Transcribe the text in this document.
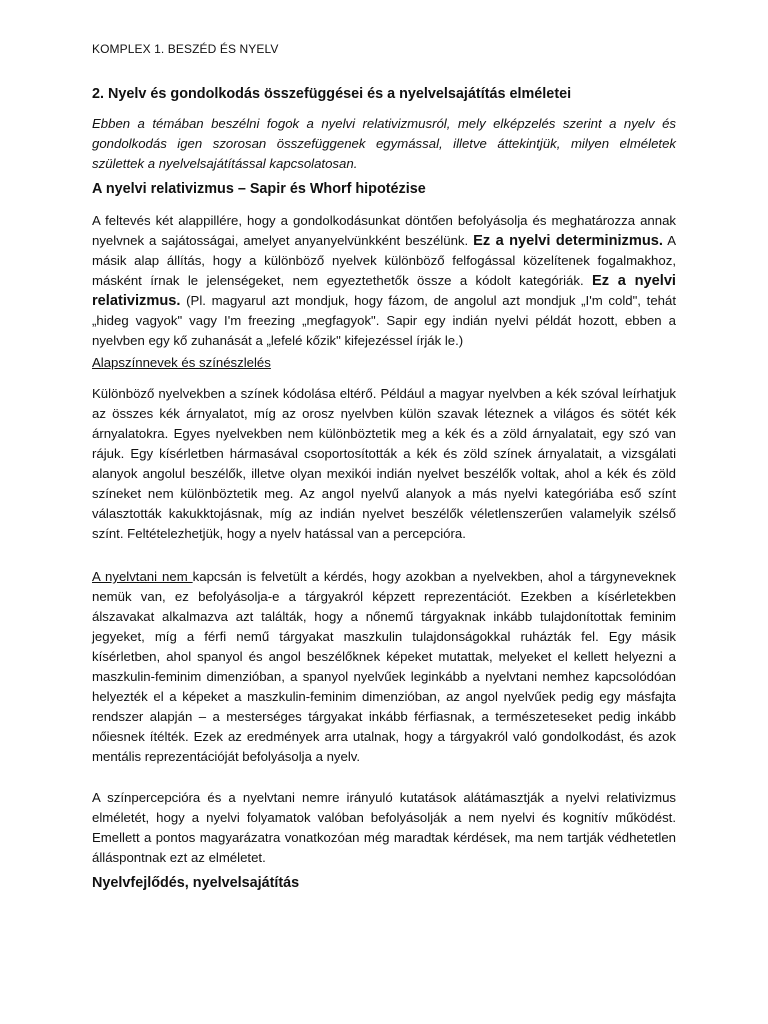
KOMPLEX 1. BESZÉD ÉS NYELV
2. Nyelv és gondolkodás összefüggései és a nyelvelsajátítás elméletei

Ebben a témában beszélni fogok a nyelvi relativizmusról, mely elképzelés szerint a nyelv és gondolkodás igen szorosan összefüggenek egymással, illetve áttekintjük, milyen elméletek születtek a nyelvelsajátítással kapcsolatosan.

A nyelvi relativizmus – Sapir és Whorf hipotézise

A feltevés két alappillére, hogy a gondolkodásunkat döntően befolyásolja és meghatározza annak nyelvnek a sajátosságai, amelyet anyanyelvünkként beszélünk. Ez a nyelvi determinizmus. A másik alap állítás, hogy a különböző nyelvek különböző felfogással közelítenek fogalmakhoz, másként írnak le jelenségeket, nem egyeztethetők össze a kódolt kategóriák. Ez a nyelvi relativizmus. (Pl. magyarul azt mondjuk, hogy fázom, de angolul azt mondjuk „I'm cold", tehát „hideg vagyok" vagy I'm freezing „megfagyok". Sapir egy indián nyelvi példát hozott, ebben a nyelvben egy kő zuhanását a „lefelé kőzik" kifejezéssel írják le.)

Alapszínnevek és színészlelés

Különböző nyelvekben a színek kódolása eltérő. Például a magyar nyelvben a kék szóval leírhatjuk az összes kék árnyalatot, míg az orosz nyelvben külön szavak léteznek a világos és sötét kék árnyalatokra. Egyes nyelvekben nem különböztetik meg a kék és a zöld árnyalatait, egy szó van rájuk. Egy kísérletben hármasával csoportosították a kék és zöld színek árnyalatait, a vizsgálati alanyok angolul beszélők, illetve olyan mexikói indián nyelvet beszélők voltak, ahol a kék és zöld színeket nem különböztetik meg. Az angol nyelvű alanyok a más nyelvi kategóriába eső színt választották kakukktojásnak, míg az indián nyelvet beszélők véletlenszerűen valamelyik szélső színt. Feltételezhetjük, hogy a nyelv hatással van a percepcióra.

A nyelvtani nem kapcsán is felvetült a kérdés, hogy azokban a nyelvekben, ahol a tárgyneveknek nemük van, ez befolyásolja-e a tárgyakról képzett reprezentációt. Ezekben a kísérletekben álszavakat alkalmazva azt találták, hogy a nőnemű tárgyaknak inkább tulajdonítottak feminim jegyeket, míg a férfi nemű tárgyakat maszkulin tulajdonságokkal ruházták fel. Egy másik kísérletben, ahol spanyol és angol beszélőknek képeket mutattak, melyeket el kellett helyezni a maszkulin-feminim dimenzióban, a spanyol nyelvűek leginkább a nyelvtani nemhez kapcsolódóan helyezték el a képeket a maszkulin-feminim dimenzióban, az angol nyelvűek pedig egy másfajta rendszer alapján – a mesterséges tárgyakat inkább férfiasnak, a természeteseket pedig inkább nőiesnek ítélték. Ezek az eredmények arra utalnak, hogy a tárgyakról való gondolkodást, és azok mentális reprezentációját befolyásolja a nyelv.

A színpercepcióra és a nyelvtani nemre irányuló kutatások alátámasztják a nyelvi relativizmus elméletét, hogy a nyelvi folyamatok valóban befolyásolják a nem nyelvi és kognitív működést. Emellett a pontos magyarázatra vonatkozóan még maradtak kérdések, ma nem tartják védhetetlen álláspontnak ezt az elméletet.

Nyelvfejlődés, nyelvelsajátítás
